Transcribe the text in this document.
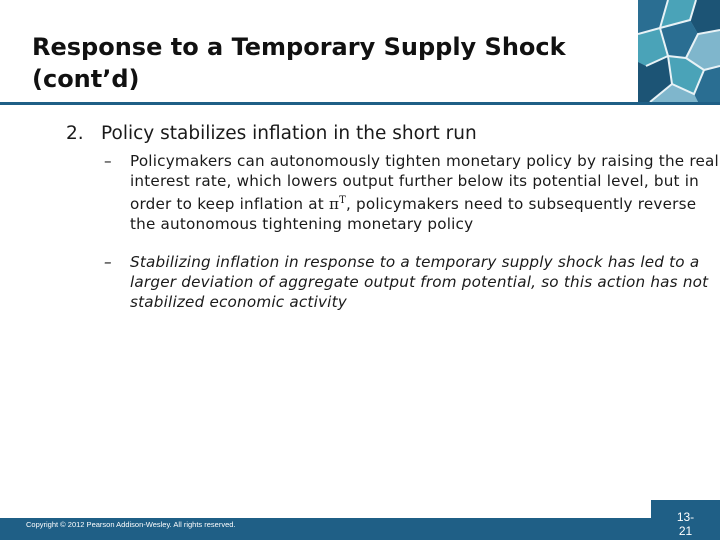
Response to a Temporary Supply Shock (cont’d)

2. Policy stabilizes inflation in the short run

– Policymakers can autonomously tighten monetary policy by raising the real interest rate, which lowers output further below its potential level, but in order to keep inflation at $\pi^T$, policymakers need to subsequently reverse the autonomous tightening monetary policy

– Stabilizing inflation in response to a temporary supply shock has led to a larger deviation of aggregate output from potential, so this action has not stabilized economic activity

Copyright © 2012 Pearson Addison-Wesley. All rights reserved.
13-
21
